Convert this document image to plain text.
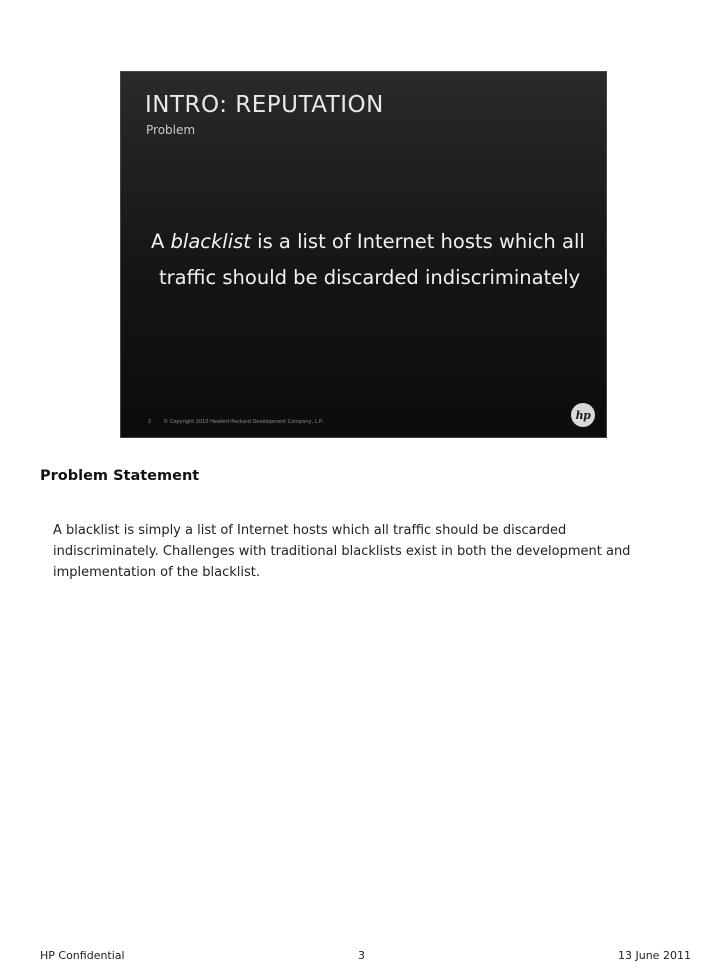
INTRO: REPUTATION
Problem
A blacklist is a list of Internet hosts which all
traffic should be discarded indiscriminately
2 © Copyright 2010 Hewlett-Packard Development Company, L.P.
hp
Problem Statement
A blacklist is simply a list of Internet hosts which all traffic should be discarded
indiscriminately. Challenges with traditional blacklists exist in both the development and
implementation of the blacklist.
HP Confidential	3	13 June 2011
